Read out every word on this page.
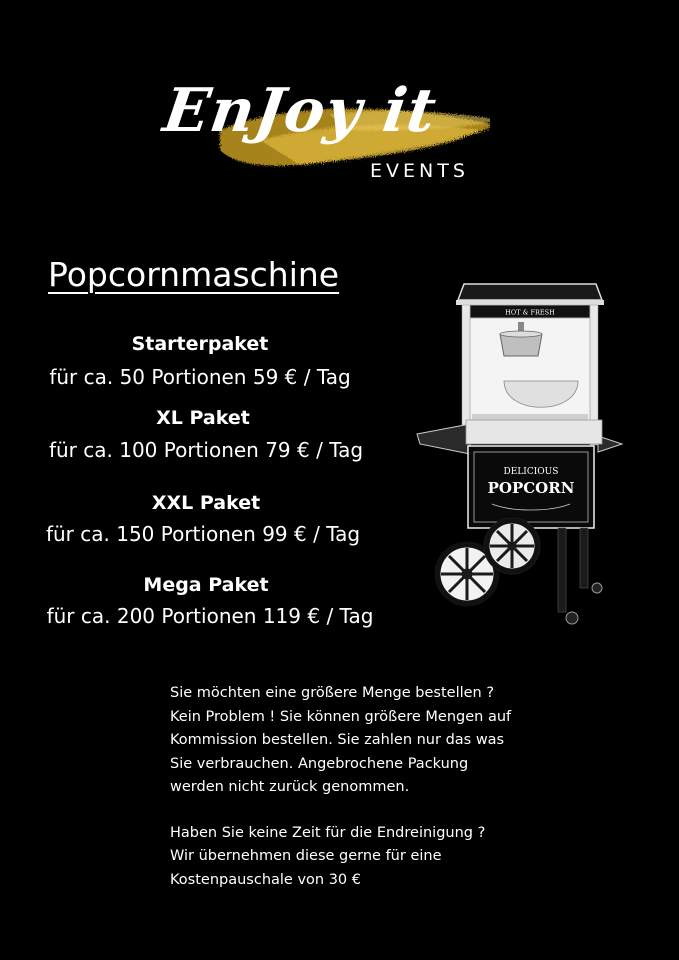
EnJoy it
EVENTS
Popcornmaschine
Starterpaket
für ca. 50 Portionen 59 € / Tag
XL Paket
für ca. 100 Portionen 79 € / Tag
XXL Paket
für ca. 150 Portionen 99 € / Tag
Mega Paket
für ca. 200 Portionen 119 € / Tag

Sie möchten eine größere Menge bestellen ?
Kein Problem ! Sie können größere Mengen auf
Kommission bestellen. Sie zahlen nur das was
Sie verbrauchen. Angebrochene Packung
werden nicht zurück genommen.

Haben Sie keine Zeit für die Endreinigung ?
Wir übernehmen diese gerne für eine
Kostenpauschale von 30 €

HOT & FRESH
DELICIOUS
POPCORN
